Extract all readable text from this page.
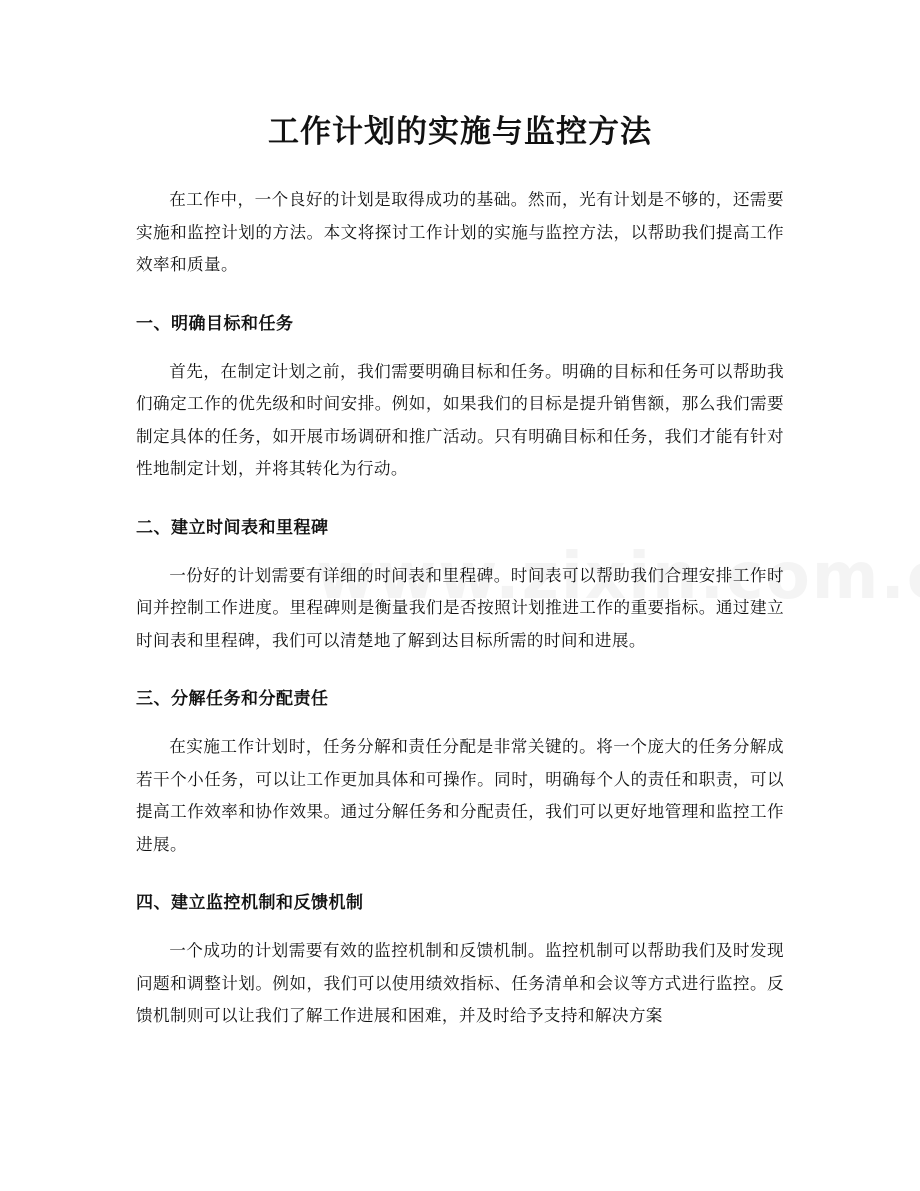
工作计划的实施与监控方法

在工作中，一个良好的计划是取得成功的基础。然而，光有计划是不够的，还需要实施和监控计划的方法。本文将探讨工作计划的实施与监控方法，以帮助我们提高工作效率和质量。

一、明确目标和任务

首先，在制定计划之前，我们需要明确目标和任务。明确的目标和任务可以帮助我们确定工作的优先级和时间安排。例如，如果我们的目标是提升销售额，那么我们需要制定具体的任务，如开展市场调研和推广活动。只有明确目标和任务，我们才能有针对性地制定计划，并将其转化为行动。

二、建立时间表和里程碑

一份好的计划需要有详细的时间表和里程碑。时间表可以帮助我们合理安排工作时间并控制工作进度。里程碑则是衡量我们是否按照计划推进工作的重要指标。通过建立时间表和里程碑，我们可以清楚地了解到达目标所需的时间和进展。

三、分解任务和分配责任

在实施工作计划时，任务分解和责任分配是非常关键的。将一个庞大的任务分解成若干个小任务，可以让工作更加具体和可操作。同时，明确每个人的责任和职责，可以提高工作效率和协作效果。通过分解任务和分配责任，我们可以更好地管理和监控工作进展。

四、建立监控机制和反馈机制

一个成功的计划需要有效的监控机制和反馈机制。监控机制可以帮助我们及时发现问题和调整计划。例如，我们可以使用绩效指标、任务清单和会议等方式进行监控。反馈机制则可以让我们了解工作进展和困难，并及时给予支持和解决方案
